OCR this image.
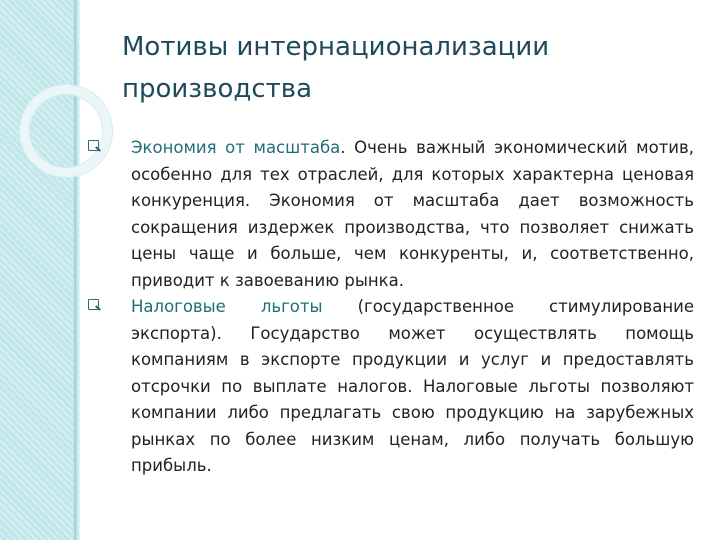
Мотивы интернационализации
производства
Экономия от масштаба. Очень важный экономический мотив, особенно для тех отраслей, для которых характерна ценовая конкуренция. Экономия от масштаба дает возможность сокращения издержек производства, что позволяет снижать цены чаще и больше, чем конкуренты, и, соответственно, приводит к завоеванию рынка.
Налоговые льготы (государственное стимулирование экспорта). Государство может осуществлять помощь компаниям в экспорте продукции и услуг и предоставлять отсрочки по выплате налогов. Налоговые льготы позволяют компании либо предлагать свою продукцию на зарубежных рынках по более низким ценам, либо получать большую прибыль.
